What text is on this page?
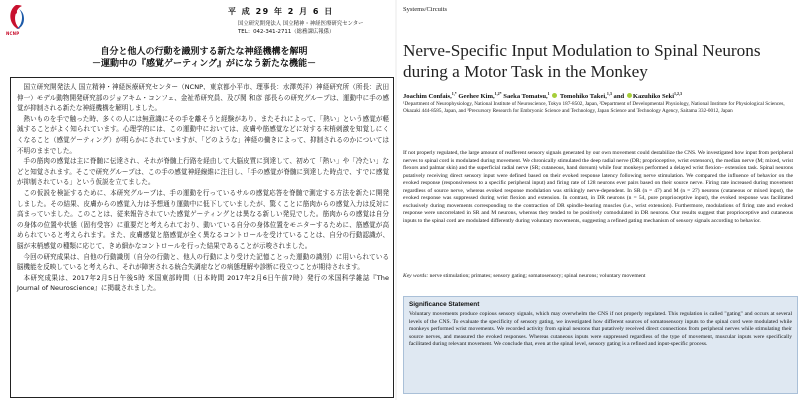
NCNP
平 成 29 年 2 月 6 日
国立研究開発法人 国立精神・神経医療研究センター
TEL：042-341-2711（総務課広報係）
自分と他人の行動を識別する新たな神経機構を解明
－運動中の『感覚ゲーティング』がになう新たな機能－

国立研究開発法人 国立精神・神経医療研究センター（NCNP、東京都小平市、理事長：水澤英洋）神経研究所（所長：武田伸一）モデル動物開発研究部のジョアキム・コンフェ、金祉希研究員、及び関 和彦 部長らの研究グループは、運動中に手の感覚が抑制される新たな神経機構を解明しました。

熱いものを手で触った時、多くの人には無意識にその手を離そうと経験があり、またそれによって、「熱い」という感覚が軽減することがよく知られています。心理学的には、この運動中においては、皮膚や筋感覚などに対する末梢刺激を知覚しにくくなること（感覚ゲーティング）が明らかにされていますが、「どのような」神経の働きによって、抑制されるのかについては不明のままでした。

手の筋肉の感覚は主に脊髄に伝達され、それが脊髄上行路を経由して大脳皮質に到達して、初めて「熱い」や「冷たい」などと知覚されます。そこで研究グループは、この手の感覚神経線維に注目し、「手の感覚が脊髄に到達した時点で、すでに感覚が抑制されている」という仮説を立てました。

この仮説を検証するために、本研究グループは、手の運動を行っているサルの感覚応答を脊髄で測定する方法を新たに開発しました。その結果、皮膚からの感覚入力は予想通り運動中に低下していましたが、驚くことに筋肉からの感覚入力は反対に高まっていました。このことは、従来報告されていた感覚ゲーティングとは異なる新しい発見でした。筋肉からの感覚は自分の身体の位置や状態（固有受容）に重要だと考えられており、動いている自分の身体位置をモニターするために、筋感覚が高められていると考えられます。また、皮膚感覚と筋感覚が全く異なるコントロールを受けていることは、自分の行動認識が、脳が末梢感覚の種類に応じて、きめ細かなコントロールを行った結果であることが示唆されました。

今回の研究成果は、自他の行動識別（自分の行動と、他人の行動により受けた記憶ことった運動の識別）に用いられている脳機能を反映していると考えられ、それが障害される統合失調症などの病態理解や診断に役立つことが期待されます。

本研究成果は、2017年2月5日午後5時 米国東部時間（日本時間 2017年2月6日午前7時）発行の米国科学雑誌『The Journal of Neuroscience』に掲載されました。

Systems/Circuits
Nerve-Specific Input Modulation to Spinal Neurons during a Motor Task in the Monkey
Joachim Confais,$^{1,*}$ Geehee Kim,$^{1,2*}$ Saeka Tomatsu,$^1$  Tomohiko Takei,$^{1,3}$ and Kazuhiko Seki$^{1,2,3}$
¹Department of Neurophysiology, National Institute of Neuroscience, Tokyo 187-8502, Japan, ²Department of Developmental Physiology, National Institute for Physiological Sciences, Okazaki 444-8585, Japan, and ³Precursory Research for Embryonic Science and Technology, Japan Science and Technology Agency, Saitama 332-0012, Japan
If not properly regulated, the large amount of reafferent sensory signals generated by our own movement could destabilize the CNS. We investigated how input from peripheral nerves to spinal cord is modulated during movement. We chronically stimulated the deep radial nerve (DR; proprioceptive, wrist extensors), the median nerve (M; mixed, wrist flexors and palmar skin) and the superficial radial nerve (SR; cutaneous, hand dorsum) while four monkeys performed a delayed wrist flexion– extension task. Spinal neurons putatively receiving direct sensory input were defined based on their evoked response latency following nerve stimulation. We compared the influence of behavior on the evoked response (responsiveness to a specific peripheral input) and firing rate of 128 neurons ever pairs based on their source nerve. Firing rate increased during movement regardless of source nerve, whereas evoked response modulation was strikingly nerve-dependent. In SR (n = 47) and M (n = 27) neurons (cutaneous or mixed input), the evoked response was suppressed during wrist flexion and extension. In contrast, in DR neurons (n = 54, pure proprioceptive input), the evoked response was facilitated exclusively during movements corresponding to the contraction of DR spindle-bearing muscles (i.e., wrist extension). Furthermore, modulations of firing rate and evoked response were uncorrelated in SR and M neurons, whereas they tended to be positively comodulated in DR neurons. Our results suggest that proprioceptive and cutaneous inputs to the spinal cord are modulated differently during voluntary movements, suggesting a refined gating mechanism of sensory signals according to behavior.
Key words: nerve stimulation; primates; sensory gating; somatosensory; spinal neurons; voluntary movement
Significance Statement
Voluntary movements produce copious sensory signals, which may overwhelm the CNS if not properly regulated. This regulation is called "gating" and occurs at several levels of the CNS. To evaluate the specificity of sensory gating, we investigated how different sources of somatosensory inputs to the spinal cord were modulated while monkeys performed wrist movements. We recorded activity from spinal neurons that putatively received direct connections from peripheral nerves while stimulating their source nerves, and measured the evoked responses. Whereas cutaneous inputs were suppressed regardless of the type of movement, muscular inputs were specifically facilitated during relevant movement. We conclude that, even at the spinal level, sensory gating is a refined and input-specific process.
